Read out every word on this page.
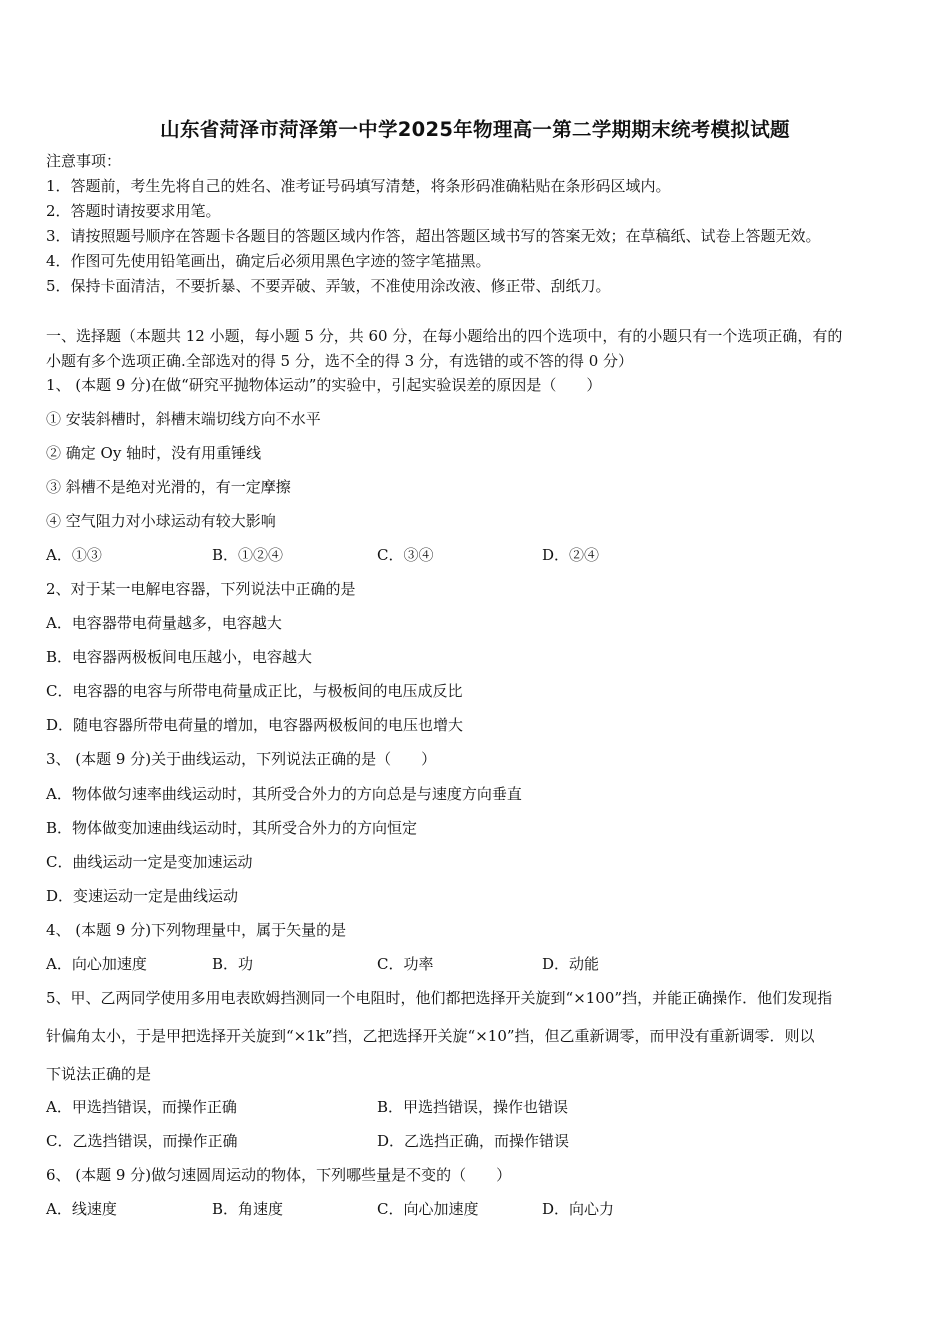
山东省菏泽市菏泽第一中学2025年物理高一第二学期期末统考模拟试题
注意事项：
1．答题前，考生先将自己的姓名、准考证号码填写清楚，将条形码准确粘贴在条形码区域内。
2．答题时请按要求用笔。
3．请按照题号顺序在答题卡各题目的答题区域内作答，超出答题区域书写的答案无效；在草稿纸、试卷上答题无效。
4．作图可先使用铅笔画出，确定后必须用黑色字迹的签字笔描黑。
5．保持卡面清洁，不要折暴、不要弄破、弄皱，不准使用涂改液、修正带、刮纸刀。
一、选择题（本题共 12 小题，每小题 5 分，共 60 分，在每小题给出的四个选项中，有的小题只有一个选项正确，有的
小题有多个选项正确.全部选对的得 5 分，选不全的得 3 分，有选错的或不答的得 0 分）
1、 (本题 9 分)在做“研究平抛物体运动”的实验中，引起实验误差的原因是（　　）
① 安装斜槽时，斜槽末端切线方向不水平
② 确定 Oy 轴时，没有用重锤线
③ 斜槽不是绝对光滑的，有一定摩擦
④ 空气阻力对小球运动有较大影响
A．①③	B．①②④	C．③④	D．②④
2、对于某一电解电容器，下列说法中正确的是
A．电容器带电荷量越多，电容越大
B．电容器两极板间电压越小，电容越大
C．电容器的电容与所带电荷量成正比，与极板间的电压成反比
D．随电容器所带电荷量的增加，电容器两极板间的电压也增大
3、 (本题 9 分)关于曲线运动，下列说法正确的是（　　）
A．物体做匀速率曲线运动时，其所受合外力的方向总是与速度方向垂直
B．物体做变加速曲线运动时，其所受合外力的方向恒定
C．曲线运动一定是变加速运动
D．变速运动一定是曲线运动
4、 (本题 9 分)下列物理量中，属于矢量的是
A．向心加速度	B．功	C．功率	D．动能
5、甲、乙两同学使用多用电表欧姆挡测同一个电阻时，他们都把选择开关旋到“×100”挡，并能正确操作．他们发现指
针偏角太小，于是甲把选择开关旋到“×1k”挡，乙把选择开关旋“×10”挡，但乙重新调零，而甲没有重新调零．则以
下说法正确的是
A．甲选挡错误，而操作正确	B．甲选挡错误，操作也错误
C．乙选挡错误，而操作正确	D．乙选挡正确，而操作错误
6、 (本题 9 分)做匀速圆周运动的物体，下列哪些量是不变的（　　）
A．线速度	B．角速度	C．向心加速度	D．向心力
